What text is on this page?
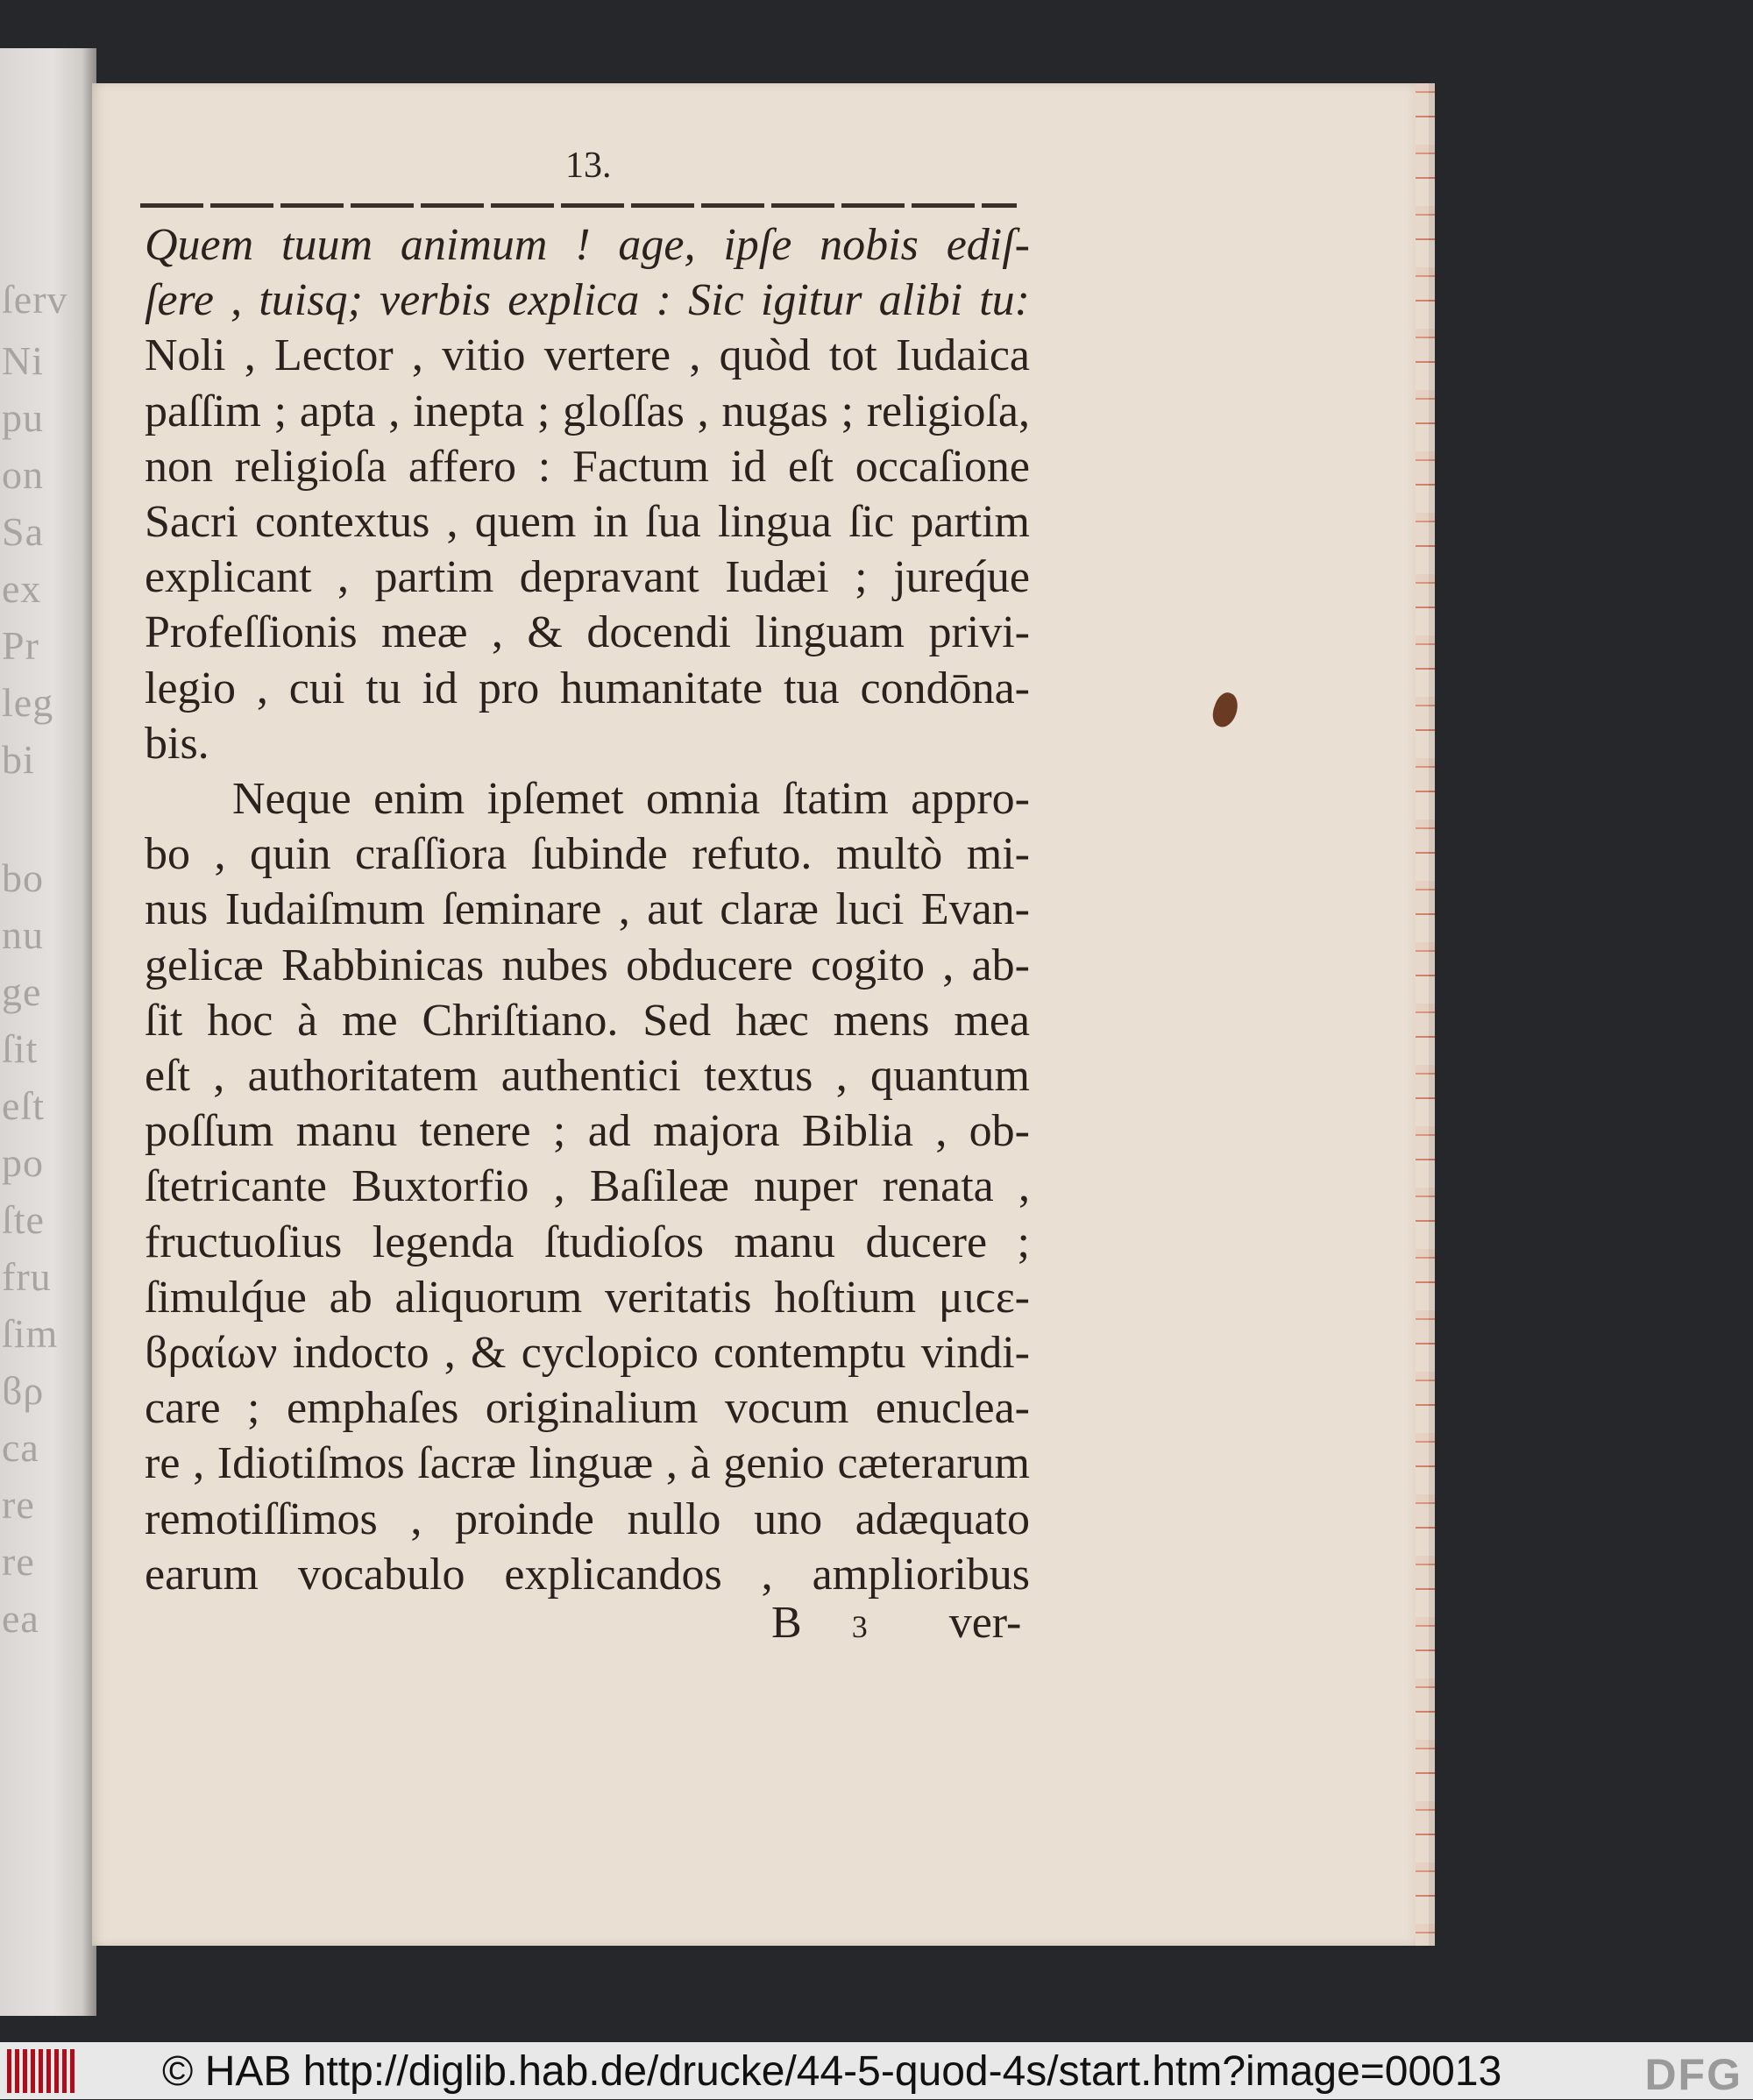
ſerv
Ni
pu
on
Sa
ex
Pr
leg
bi
bo
nu
ge
ſit
eſt
po
ſte
fru
ſim
ϐρ
ca
re
re
ea
13.
Quem tuum animum ! age, ipſe nobis ediſ-
ſere , tuisq; verbis explica : Sic igitur alibi tu:
Noli , Lector , vitio vertere , quòd tot Iudaica
paſſim ; apta , inepta ; gloſſas , nugas ; religioſa,
non religioſa affero : Factum id eſt occaſione
Sacri contextus , quem in ſua lingua ſic partim
explicant , partim depravant Iudæi ; jureq́ue
Profeſſionis meæ , & docendi linguam privi-
legio , cui tu id pro humanitate tua condōna-
bis.
Neque enim ipſemet omnia ſtatim appro-
bo , quin craſſiora ſubinde refuto. multò mi-
nus Iudaiſmum ſeminare , aut claræ luci Evan-
gelicæ Rabbinicas nubes obducere cogito , ab-
ſit hoc à me Chriſtiano. Sed hæc mens mea
eſt , authoritatem authentici textus , quantum
poſſum manu tenere ; ad majora Biblia , ob-
ſtetricante Buxtorfio , Baſileæ nuper renata ,
fructuoſius legenda ſtudioſos manu ducere ;
ſimulq́ue ab aliquorum veritatis hoſtium μιϲε-
ϐραίων indocto , & cyclopico contemptu vindi-
care ; emphaſes originalium vocum enuclea-
re , Idiotiſmos ſacræ linguæ , à genio cæterarum
remotiſſimos , proinde nullo uno adæquato
earum vocabulo explicandos , amplioribus
B 3 ver-
© HAB http://diglib.hab.de/drucke/44-5-quod-4s/start.htm?image=00013	DFG
